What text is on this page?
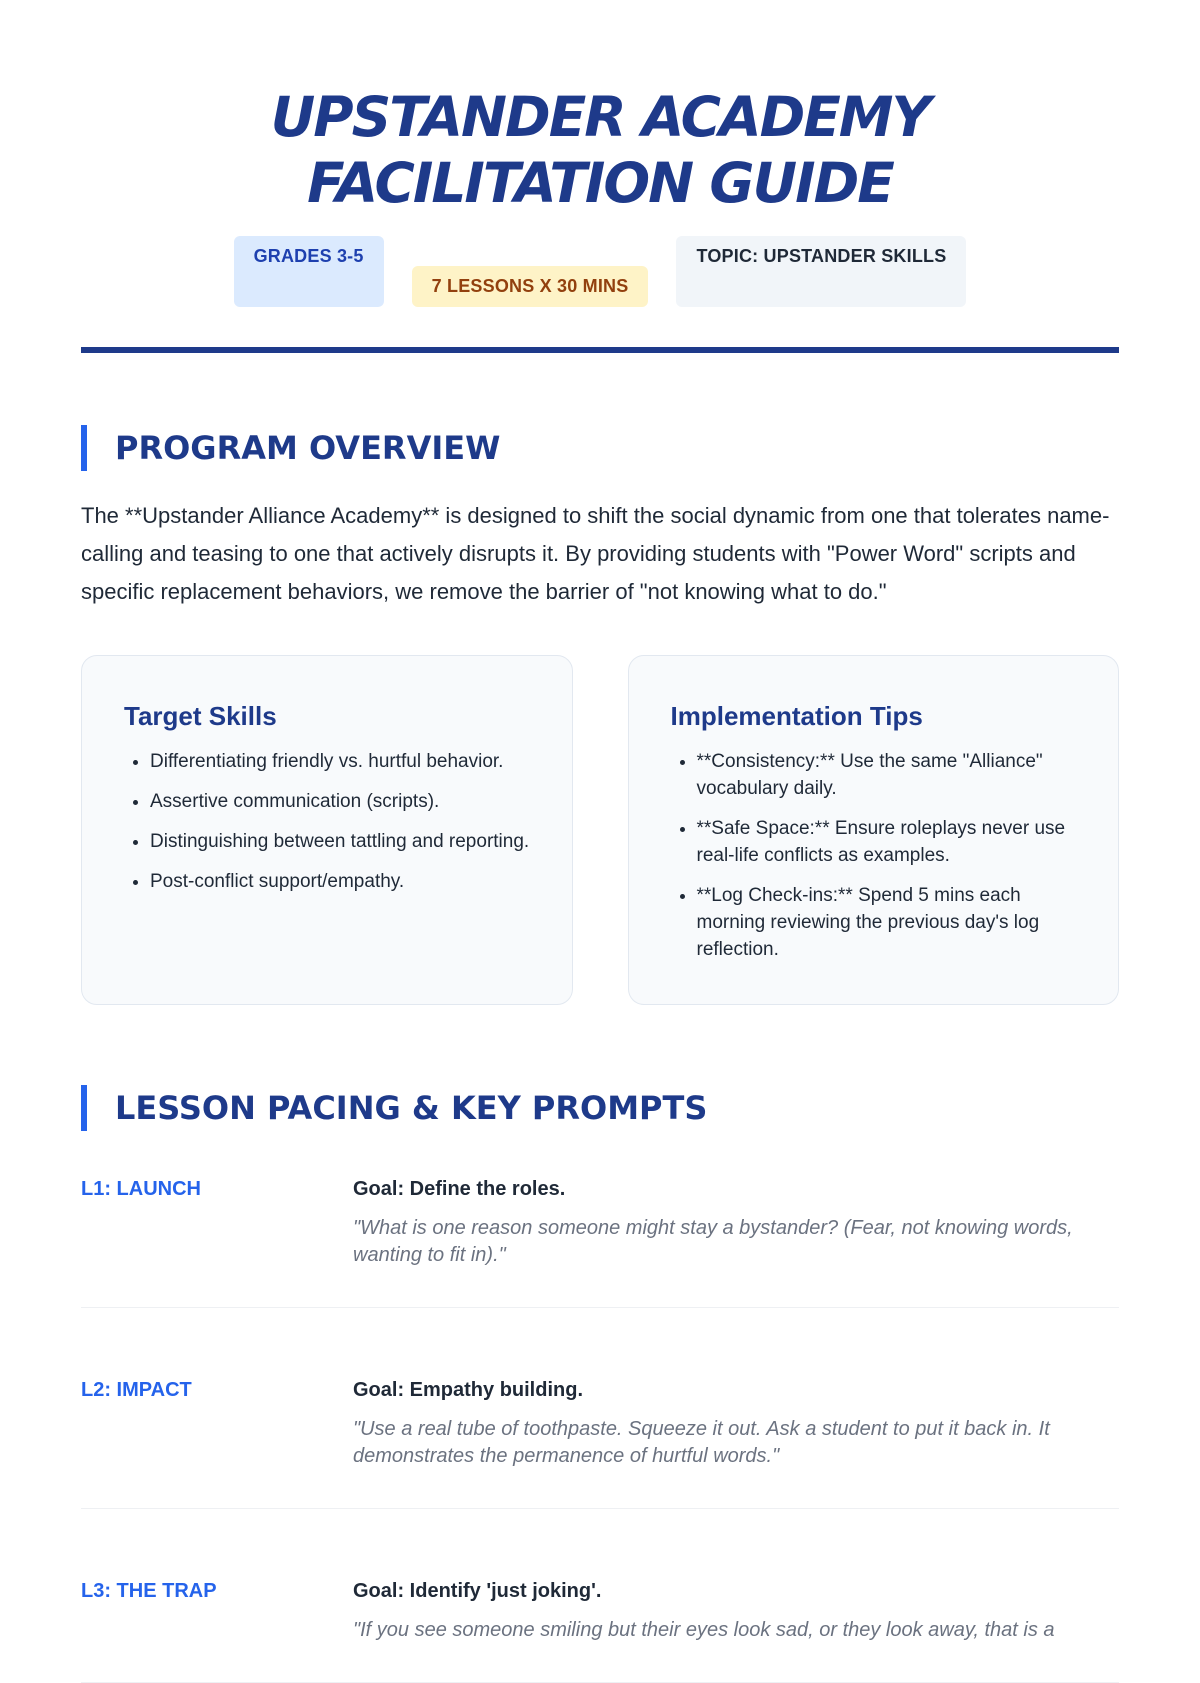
UPSTANDER ACADEMY
FACILITATION GUIDE
GRADES 3-5
7 LESSONS X 30 MINS
TOPIC: UPSTANDER SKILLS
PROGRAM OVERVIEW

The **Upstander Alliance Academy** is designed to shift the social dynamic from one that tolerates name-calling and teasing to one that actively disrupts it. By providing students with "Power Word" scripts and specific replacement behaviors, we remove the barrier of "not knowing what to do."

Target Skills
• Differentiating friendly vs. hurtful behavior.
• Assertive communication (scripts).
• Distinguishing between tattling and reporting.
• Post-conflict support/empathy.
Implementation Tips
• **Consistency:** Use the same "Alliance" vocabulary daily.
• **Safe Space:** Ensure roleplays never use real-life conflicts as examples.
• **Log Check-ins:** Spend 5 mins each morning reviewing the previous day's log reflection.
LESSON PACING & KEY PROMPTS
L1: LAUNCH	Goal: Define the roles.
"What is one reason someone might stay a bystander? (Fear, not knowing words, wanting to fit in)."
L2: IMPACT	Goal: Empathy building.
"Use a real tube of toothpaste. Squeeze it out. Ask a student to put it back in. It demonstrates the permanence of hurtful words."
L3: THE TRAP	Goal: Identify 'just joking'.
"If you see someone smiling but their eyes look sad, or they look away, that is a
